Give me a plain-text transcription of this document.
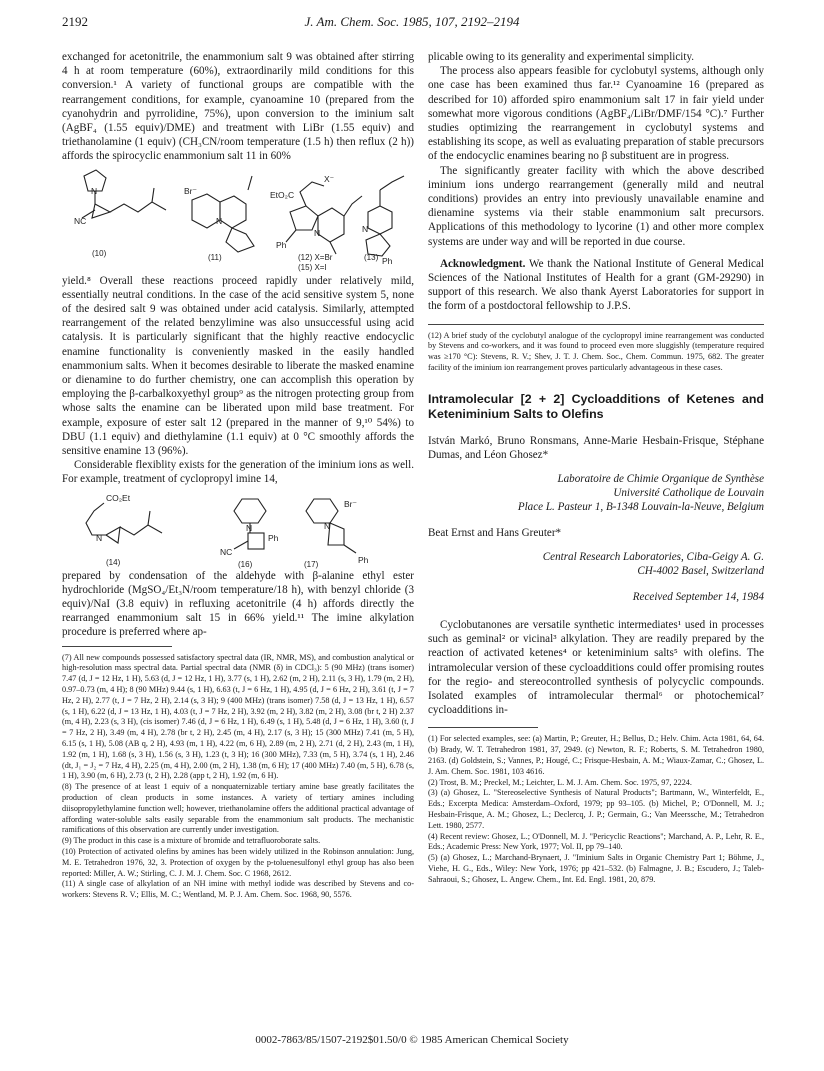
2192	J. Am. Chem. Soc. 1985, 107, 2192–2194

exchanged for acetonitrile, the enammonium salt 9 was obtained after stirring 4 h at room temperature (60%), extraordinarily mild conditions for this conversion.¹ A variety of functional groups are compatible with the rearrangement conditions, for example, cyanoamine 10 (prepared from the cyanohydrin and pyrrolidine, 75%), upon conversion to the iminium salt (AgBF₄ (1.55 equiv)/DME) and treatment with LiBr (1.55 equiv) and triethanolamine (1 equiv) (CH₃CN/room temperature (1.5 h) then reflux (2 h)) affords the spirocyclic enammonium salt 11 in 60%

NC
Br⁻	EtO₂C
X⁻
N
N
N
Ph
Ph
N
(10)	(11)	(12) X=Br
(15) X=I
(13)

yield.⁸ Overall these reactions proceed rapidly under relatively mild, essentially neutral conditions. In the case of the acid sensitive system 5, none of the desired salt 9 was obtained under acid catalysis. Similarly, attempted rearrangement of the related benzylimine was also unsuccessful using acid catalysis. It is particularly significant that the highly reactive endocyclic enamine functionality is conveniently masked in the easily handled enammonium salts. When it becomes desirable to liberate the masked enamine or dienamine to do further chemistry, one can accomplish this operation by employing the β-carbalkoxyethyl group⁹ as the nitrogen protecting group from whose salts the enamine can be liberated upon mild base treatment. For example, exposure of ester salt 12 (prepared in the manner of 9,¹⁰ 54%) to DBU (1.1 equiv) and diethylamine (1.1 equiv) at 0 °C smoothly affords the sensitive enamine 13 (96%).

Considerable flexiblity exists for the generation of the iminium ions as well. For example, treatment of cyclopropyl imine 14,

CO₂Et
N
N
NC
Ph
N
Br⁻
Ph
(14)	(16)	(17)

prepared by condensation of the aldehyde with β-alanine ethyl ester hydrochloride (MgSO₄/Et₃N/room temperature/18 h), with benzyl chloride (3 equiv)/NaI (3.8 equiv) in refluxing acetonitrile (4 h) affords directly the rearranged enammonium salt 15 in 66% yield.¹¹ The imine alkylation procedure is preferred where ap-

(7) All new compounds possessed satisfactory spectral data (IR, NMR, MS), and combustion analytical or high-resolution mass spectral data. Partial spectral data (NMR (δ) in CDCl₃): 5 (90 MHz) (trans isomer) 7.47 (d, J = 12 Hz, 1 H), 5.63 (d, J = 12 Hz, 1 H), 3.77 (s, 1 H), 2.62 (m, 2 H), 2.11 (s, 3 H), 1.79 (m, 2 H), 0.97–0.73 (m, 4 H); 8 (90 MHz) 9.44 (s, 1 H), 6.63 (t, J = 6 Hz, 1 H), 4.95 (d, J = 6 Hz, 2 H), 3.61 (t, J = 7 Hz, 2 H), 2.77 (t, J = 7 Hz, 2 H), 2.14 (s, 3 H); 9 (400 MHz) (trans isomer) 7.58 (d, J = 13 Hz, 1 H), 6.57 (s, 1 H), 6.22 (d, J = 13 Hz, 1 H), 4.03 (t, J = 7 Hz, 2 H), 3.92 (m, 2 H), 3.82 (m, 2 H), 3.08 (br t, 2 H) 2.37 (m, 4 H), 2.23 (s, 3 H), (cis isomer) 7.46 (d, J = 6 Hz, 1 H), 6.49 (s, 1 H), 5.48 (d, J = 6 Hz, 1 H), 3.60 (t, J = 7 Hz, 2 H), 3.49 (m, 4 H), 2.78 (br t, 2 H), 2.45 (m, 4 H), 2.17 (s, 3 H); 15 (300 MHz) 7.41 (m, 5 H), 6.15 (s, 1 H), 5.08 (AB q, 2 H), 4.93 (m, 1 H), 4.22 (m, 6 H), 2.89 (m, 2 H), 2.71 (d, 2 H), 2.43 (m, 1 H), 1.92 (m, 1 H), 1.68 (s, 3 H), 1.56 (s, 3 H), 1.23 (t, 3 H); 16 (300 MHz), 7.33 (m, 5 H), 3.74 (s, 1 H), 2.46 (dt, J₁ = J₂ = 7 Hz, 4 H), 2.25 (m, 4 H), 2.00 (m, 2 H), 1.38 (m, 6 H); 17 (400 MHz) 7.40 (m, 5 H), 6.78 (s, 1 H), 3.90 (m, 6 H), 2.73 (t, 2 H), 2.28 (app t, 2 H), 1.92 (m, 6 H).

(8) The presence of at least 1 equiv of a nonquaternizable tertiary amine base greatly facilitates the production of clean products in some instances. A variety of tertiary amines including diisopropylethylamine function well; however, triethanolamine offers the additional practical advantage of affording water-soluble salts easily separable from the enammonium salt products. The mechanistic ramifications of this observation are currently under investigation.

(9) The product in this case is a mixture of bromide and tetrafluoroborate salts.

(10) Protection of activated olefins by amines has been widely utilized in the Robinson annulation: Jung, M. E. Tetrahedron 1976, 32, 3. Protection of oxygen by the p-toluenesulfonyl ethyl group has also been reported: Miller, A. W.; Stirling, C. J. M. J. Chem. Soc. C 1968, 2612.

(11) A single case of alkylation of an NH imine with methyl iodide was described by Stevens and co-workers: Stevens R. V.; Ellis, M. C.; Wentland, M. P. J. Am. Chem. Soc. 1968, 90, 5576.

plicable owing to its generality and experimental simplicity.

The process also appears feasible for cyclobutyl systems, although only one case has been examined thus far.¹² Cyanoamine 16 (prepared as described for 10) afforded spiro enammonium salt 17 in fair yield under somewhat more vigorous conditions (AgBF₄/LiBr/DMF/154 °C).⁷ Further studies optimizing the rearrangement in cyclobutyl systems and establishing its scope, as well as evaluating preparation of stable precursors of the endocyclic enamines bearing no β substituent are in progress.

The significantly greater facility with which the above described iminium ions undergo rearrangement (generally mild and neutral conditions) provides an entry into previously unavailable enamine and dienamine systems via their stable enammonium salt precursors. Applications of this methodology to lycorine (1) and other more complex systems are under way and will be reported in due course.

Acknowledgment. We thank the National Institute of General Medical Sciences of the National Institutes of Health for a grant (GM-29290) in support of this research. We also thank Ayerst Laboratories for support in the form of a postdoctoral fellowship to J.P.S.

(12) A brief study of the cyclobutyl analogue of the cyclopropyl imine rearrangement was conducted by Stevens and co-workers, and it was found to proceed even more sluggishly (temperature required was ≥170 °C): Stevens, R. V.; Shev, J. T. J. Chem. Soc., Chem. Commun. 1975, 682. The greater facility of the iminium ion rearrangement proves particularly advantageous in these cases.

Intramolecular [2 + 2] Cycloadditions of Ketenes and Keteniminium Salts to Olefins

István Markó, Bruno Ronsmans, Anne-Marie Hesbain-Frisque, Stéphane Dumas, and Léon Ghosez*

Laboratoire de Chimie Organique de Synthèse
Université Catholique de Louvain
Place L. Pasteur 1, B-1348 Louvain-la-Neuve, Belgium

Beat Ernst and Hans Greuter*

Central Research Laboratories, Ciba-Geigy A. G.
CH-4002 Basel, Switzerland

Received September 14, 1984

Cyclobutanones are versatile synthetic intermediates¹ used in processes such as geminal² or vicinal³ alkylation. They are readily prepared by the reaction of activated ketenes⁴ or keteniminium salts⁵ with olefins. The intramolecular version of these cycloadditions could offer promising routes for the regio- and stereocontrolled synthesis of polycyclic compounds. Isolated examples of intramolecular thermal⁶ or photochemical⁷ cycloadditions in-

(1) For selected examples, see: (a) Martin, P.; Greuter, H.; Bellus, D.; Helv. Chim. Acta 1981, 64, 64. (b) Brady, W. T. Tetrahedron 1981, 37, 2949. (c) Newton, R. F.; Roberts, S. M. Tetrahedron 1980, 2163. (d) Goldstein, S.; Vannes, P.; Hougé, C.; Frisque-Hesbain, A. M.; Wiaux-Zamar, C.; Ghosez, L. J. Am. Chem. Soc. 1981, 103 4616.

(2) Trost, B. M.; Preckel, M.; Leichter, L. M. J. Am. Chem. Soc. 1975, 97, 2224.

(3) (a) Ghosez, L. "Stereoselective Synthesis of Natural Products"; Bartmann, W., Winterfeldt, E., Eds.; Excerpta Medica: Amsterdam–Oxford, 1979; pp 93–105. (b) Michel, P.; O'Donnell, M. J.; Hesbain-Frisque, A. M.; Ghosez, L.; Declercq, J. P.; Germain, G.; Van Meerssche, M.; Tetrahedron Lett. 1980, 2577.

(4) Recent review: Ghosez, L.; O'Donnell, M. J. "Pericyclic Reactions"; Marchand, A. P., Lehr, R. E., Eds.; Academic Press: New York, 1977; Vol. II, pp 79–140.

(5) (a) Ghosez, L.; Marchand-Brynaert, J. "Iminium Salts in Organic Chemistry Part 1; Böhme, J., Viehe, H. G., Eds., Wiley: New York, 1976; pp 421–532. (b) Falmagne, J. B.; Escudero, J.; Taleb-Sahraoui, S.; Ghosez, L. Angew. Chem., Int. Ed. Engl. 1981, 20, 879.

0002-7863/85/1507-2192$01.50/0 © 1985 American Chemical Society
